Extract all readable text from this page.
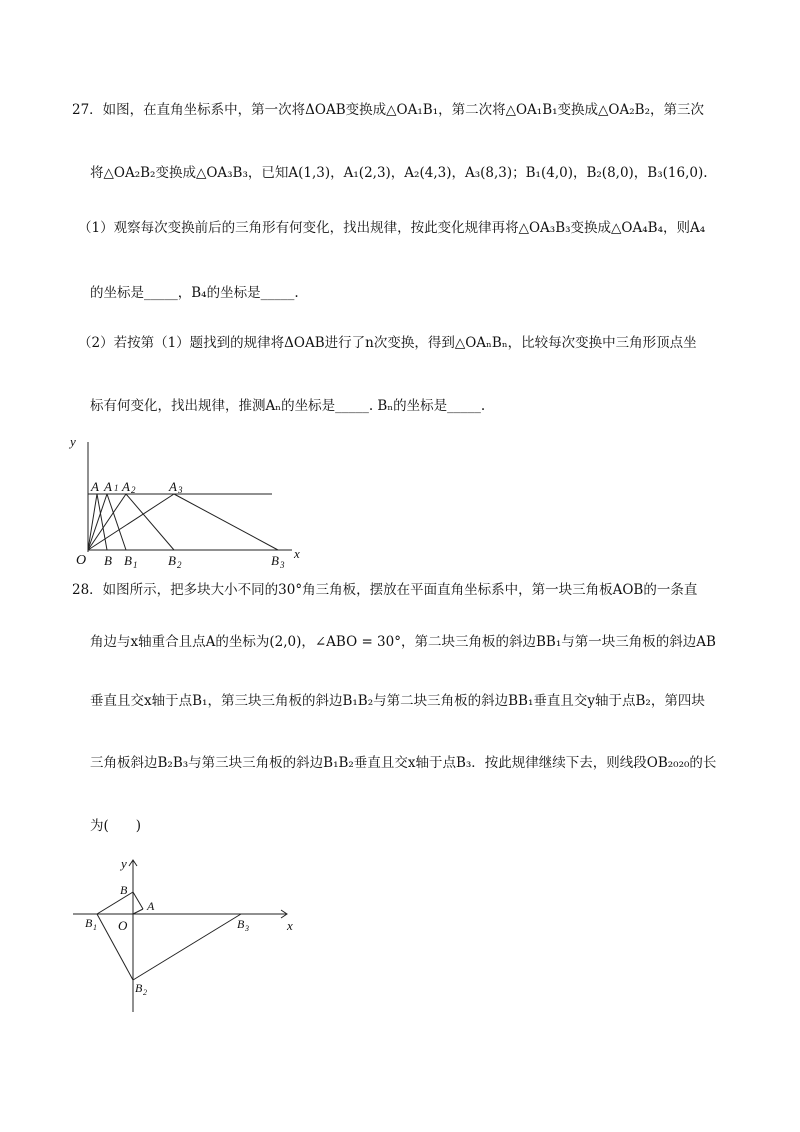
27．如图，在直角坐标系中，第一次将ΔOAB变换成△OA₁B₁，第二次将△OA₁B₁变换成△OA₂B₂，第三次
将△OA₂B₂变换成△OA₃B₃，已知A(1,3)，A₁(2,3)，A₂(4,3)，A₃(8,3)；B₁(4,0)，B₂(8,0)，B₃(16,0).
（1）观察每次变换前后的三角形有何变化，找出规律，按此变化规律再将△OA₃B₃变换成△OA₄B₄，则A₄
的坐标是_____，B₄的坐标是_____.
（2）若按第（1）题找到的规律将ΔOAB进行了n次变换，得到△OAₙBₙ，比较每次变换中三角形顶点坐
标有何变化，找出规律，推测Aₙ的坐标是_____. Bₙ的坐标是_____.
y
x
O
A A 1 A 2	A 3
B B 1 B 2	B 3
28．如图所示，把多块大小不同的30°角三角板，摆放在平面直角坐标系中，第一块三角板AOB的一条直
角边与x轴重合且点A的坐标为(2,0)，∠ABO = 30°，第二块三角板的斜边BB₁与第一块三角板的斜边AB
垂直且交x轴于点B₁，第三块三角板的斜边B₁B₂与第二块三角板的斜边BB₁垂直且交y轴于点B₂，第四块
三角板斜边B₂B₃与第三块三角板的斜边B₁B₂垂直且交x轴于点B₃．按此规律继续下去，则线段OB₂₀₂₀的长
为(　　)
y
x
O
A
B
B 1
B 2
B 3
